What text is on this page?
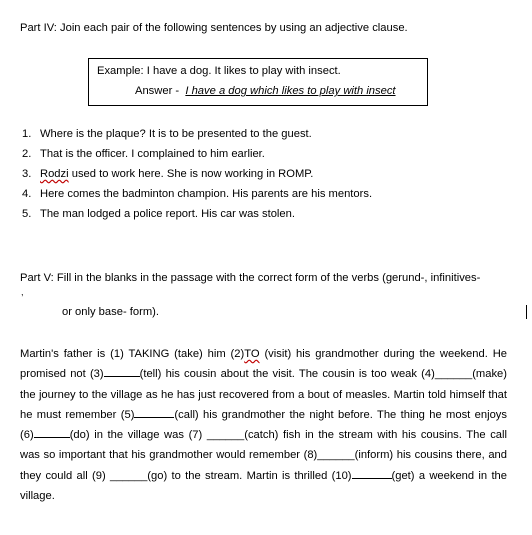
Part IV: Join each pair of the following sentences by using an adjective clause.
Example: I have a dog. It likes to play with insect.
Answer - I have a dog which likes to play with insect
1. Where is the plaque? It is to be presented to the guest.
2. That is the officer. I complained to him earlier.
3. Rodzi used to work here. She is now working in ROMP.
4. Here comes the badminton champion. His parents are his mentors.
5. The man lodged a police report. His car was stolen.
Part V: Fill in the blanks in the passage with the correct form of the verbs (gerund-, infinitives-
,
or only base- form).
Martin's father is (1) TAKING (take) him (2)TO (visit) his grandmother during the weekend. He promised not (3)	(tell) his cousin about the visit. The cousin is too weak (4)______(make) the journey to the village as he has just recovered from a bout of measles. Martin told himself that he must remember (5)	(call) his grandmother the night before. The thing he most enjoys (6)	(do) in the village was (7) ______(catch) fish in the stream with his cousins. The call was so important that his grandmother would remember (8)______(inform) his cousins there, and they could all (9) ______(go) to the stream. Martin is thrilled (10)	(get) a weekend in the village.
